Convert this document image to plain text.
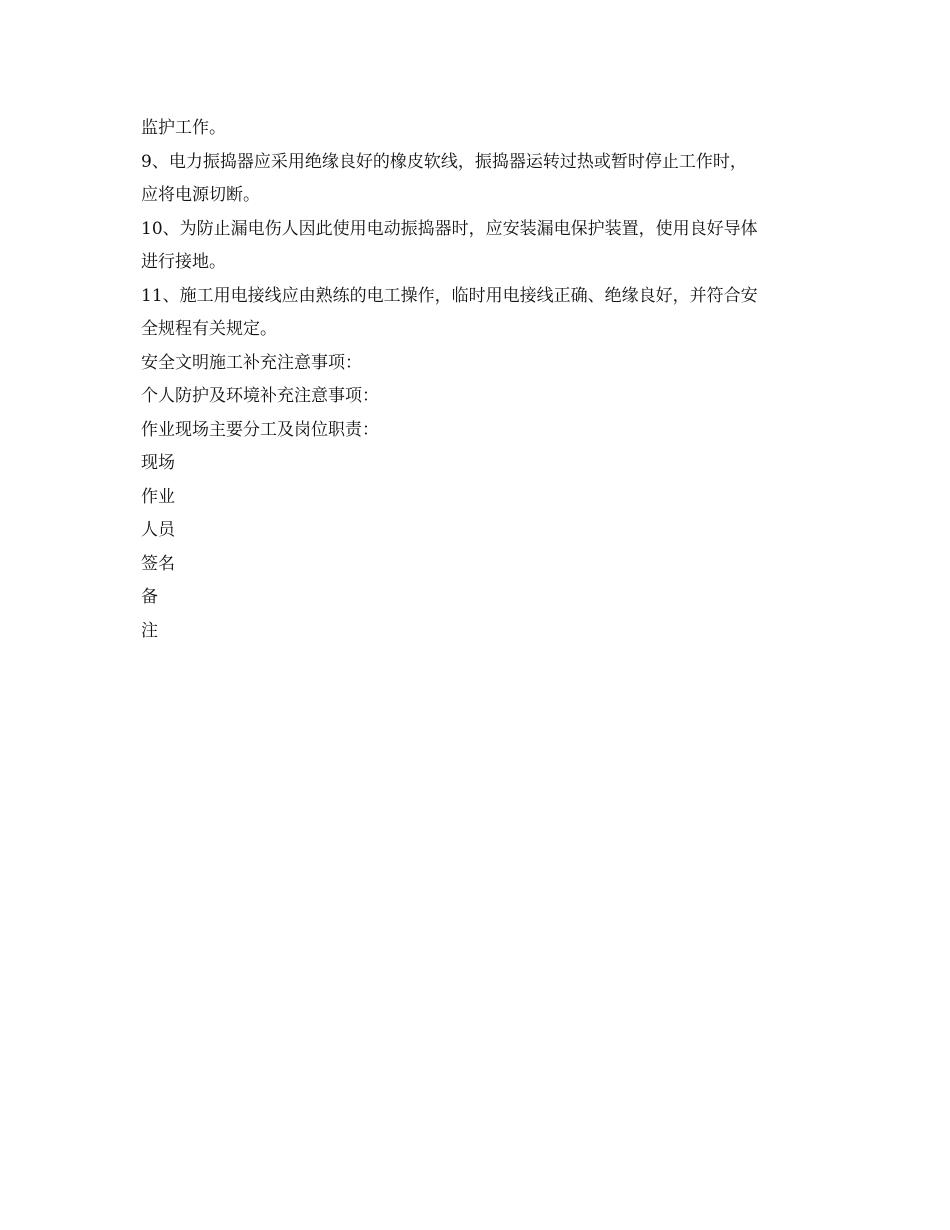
监护工作。

9、电力振捣器应采用绝缘良好的橡皮软线，振捣器运转过热或暂时停止工作时，

应将电源切断。

10、为防止漏电伤人因此使用电动振捣器时，应安装漏电保护装置，使用良好导体

进行接地。

11、施工用电接线应由熟练的电工操作，临时用电接线正确、绝缘良好，并符合安

全规程有关规定。

安全文明施工补充注意事项：

个人防护及环境补充注意事项：

作业现场主要分工及岗位职责：

现场

作业

人员

签名

备

注
